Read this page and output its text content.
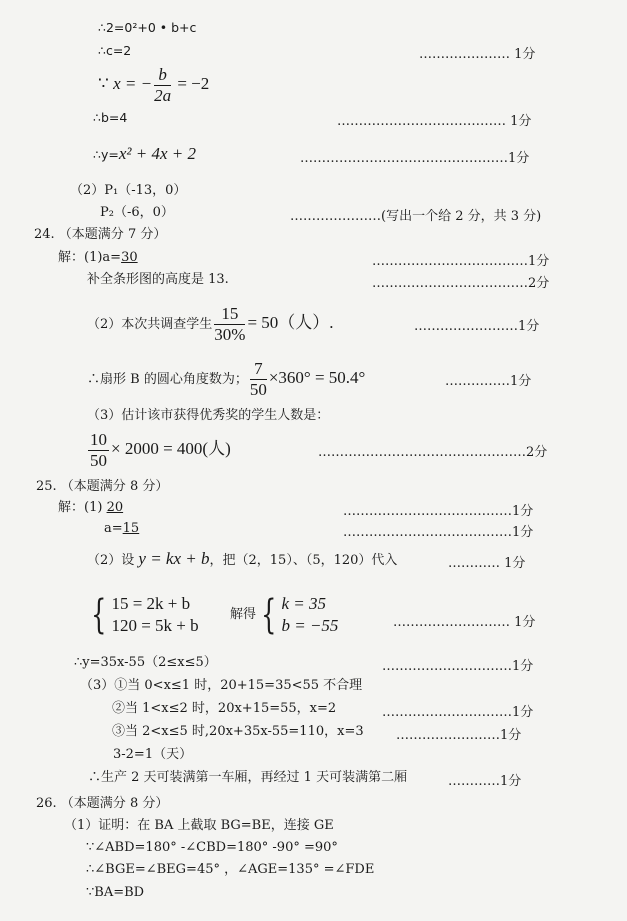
∴2=0²+0 • b+c
∴c=2	………………… 1分
∵ x = − $\frac{b}{2a} = -2$
∴b=4	………………………………… 1分
∴y=x² + 4x + 2	…………………………………………1分
（2）P₁（-13，0）
P₂（-6，0）	…………………(写出一个给 2 分，共 3 分)
24. （本题满分 7 分）
解：(1)a=30	………………………………1分
补全条形图的高度是 13.	………………………………2分
（2）本次共调查学生 $\frac{15}{30\%} = 50$（人）.	……………………1分
∴扇形 B 的圆心角度数为； $\frac{7}{50} \times 360^\circ = 50.4^\circ$	……………1分
（3）估计该市获得优秀奖的学生人数是：
$\frac{10}{50} \times 2000 = 400$(人)	…………………………………………2分
25. （本题满分 8 分）
解：(1) 20	…………………………………1分
a=15	…………………………………1分
（2）设 y = kx + b，把（2，15）、（5，120）代入	………… 1分
{ 15 = 2k + b
120 = 5k + b
解得 { k = 35
b = −55	……………………… 1分
∴y=35x-55（2≤x≤5）	…………………………1分
（3）①当 0<x≤1 时，20+15=35<55 不合理
②当 1<x≤2 时，20x+15=55，x=2	…………………………1分
③当 2<x≤5 时,20x+35x-55=110，x=3 ……………………1分
3-2=1（天）
∴生产 2 天可装满第一车厢，再经过 1 天可装满第二厢	…………1分
26. （本题满分 8 分）
（1）证明：在 BA 上截取 BG=BE，连接 GE
∵∠ABD=180° -∠CBD=180° -90° =90°
∴∠BGE=∠BEG=45° ，∠AGE=135° =∠FDE
∵BA=BD
